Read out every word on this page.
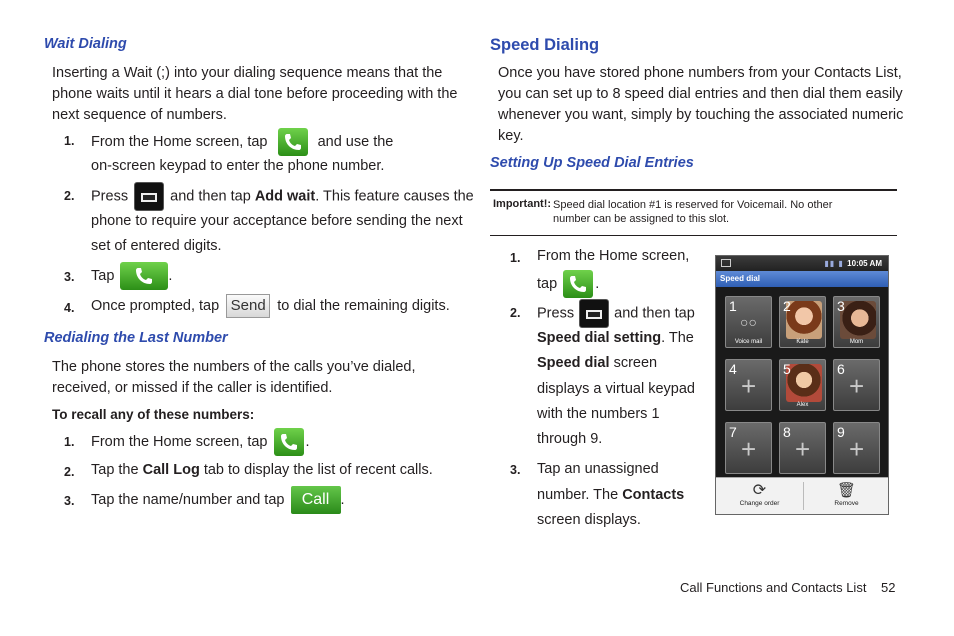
Wait Dialing
Inserting a Wait (;) into your dialing sequence means that the
phone waits until it hears a dial tone before proceeding with the
next sequence of numbers.
1. From the Home screen, tap	and use the
on-screen keypad to enter the phone number.
2. Press	and then tap Add wait. This feature causes the
phone to require your acceptance before sending the next
set of entered digits.
3. Tap	.
4. Once prompted, tap Send to dial the remaining digits.
Redialing the Last Number
The phone stores the numbers of the calls you’ve dialed,
received, or missed if the caller is identified.
To recall any of these numbers:
1. From the Home screen, tap	.
2. Tap the Call Log tab to display the list of recent calls.
3. Tap the name/number and tap Call .
Speed Dialing
Once you have stored phone numbers from your Contacts List,
you can set up to 8 speed dial entries and then dial them easily
whenever you want, simply by touching the associated numeric
key.
Setting Up Speed Dial Entries
Important!: Speed dial location #1 is reserved for Voicemail. No other
number can be assigned to this slot.
1. From the Home screen,
tap	.
2. Press	and then tap
Speed dial setting. The
Speed dial screen
displays a virtual keypad
with the numbers 1
through 9.
3. Tap an unassigned
number. The Contacts
screen displays.
▮▮ ▮ 10:05 AM
Speed dial
1
○○
Voice mail
2
Kate
3
Mom
4
+
5
Alex
6
+
7
+
8
+
9
+
⟳
Change order
🗑
Remove
Call Functions and Contacts List 52
